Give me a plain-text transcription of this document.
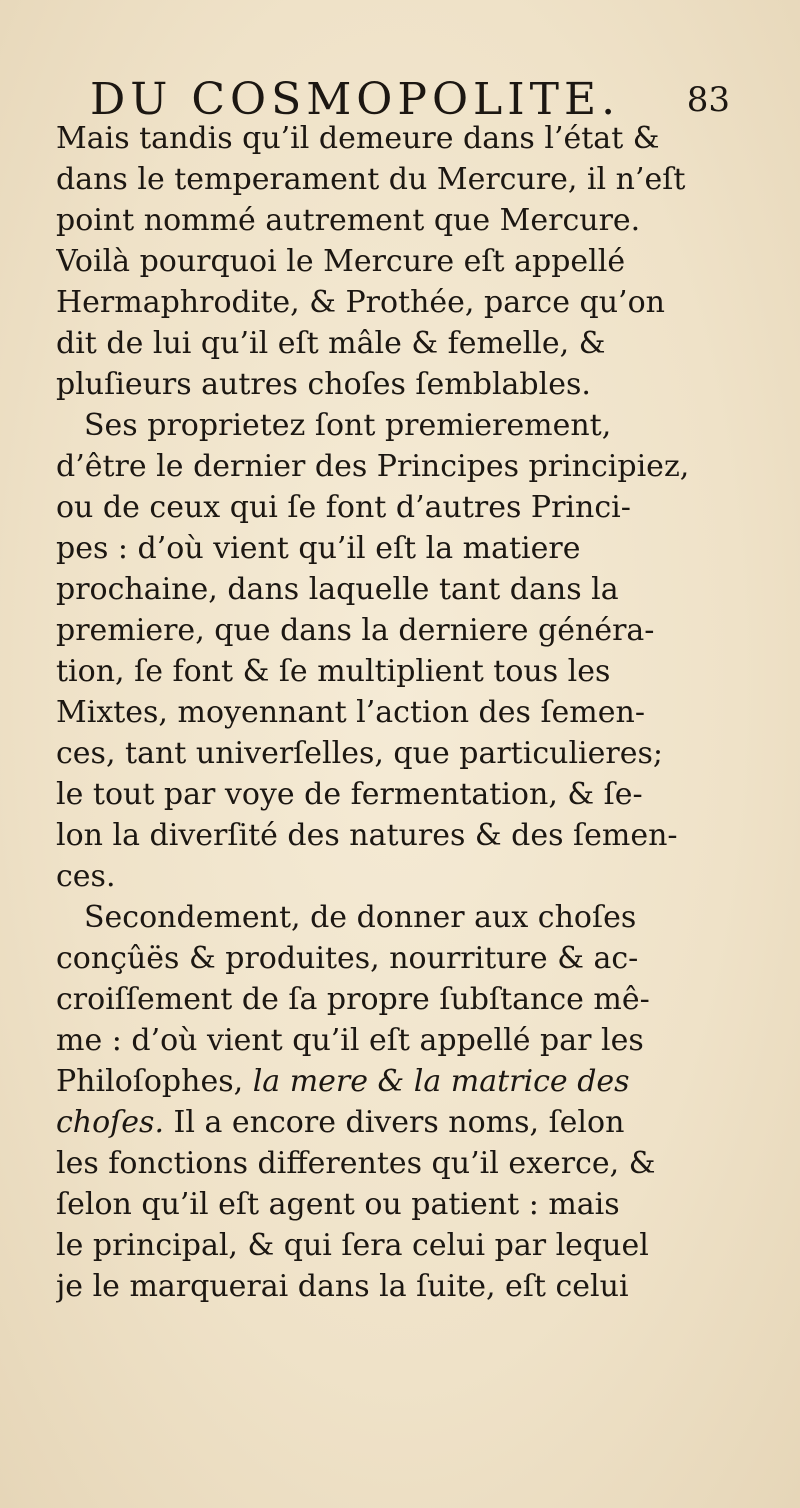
DU COSMOPOLITE. 83
Mais tandis qu’il demeure dans l’état &
dans le temperament du Mercure, il n’eſt
point nommé autrement que Mercure.
Voilà pourquoi le Mercure eſt appellé
Hermaphrodite, & Prothée, parce qu’on
dit de lui qu’il eſt mâle & femelle, &
pluſieurs autres choſes ſemblables.
Ses proprietez ſont premierement,
d’être le dernier des Principes principiez,
ou de ceux qui ſe font d’autres Princi-
pes : d’où vient qu’il eſt la matiere
prochaine, dans laquelle tant dans la
premiere, que dans la derniere généra-
tion, ſe font & ſe multiplient tous les
Mixtes, moyennant l’action des ſemen-
ces, tant univerſelles, que particulieres;
le tout par voye de fermentation, & ſe-
lon la diverſité des natures & des ſemen-
ces.
Secondement, de donner aux choſes
conçûës & produites, nourriture & ac-
croiſſement de ſa propre ſubſtance mê-
me : d’où vient qu’il eſt appellé par les
Philoſophes, la mere & la matrice des
choſes. Il a encore divers noms, ſelon
les fonctions differentes qu’il exerce, &
ſelon qu’il eſt agent ou patient : mais
le principal, & qui ſera celui par lequel
je le marquerai dans la ſuite, eſt celui
